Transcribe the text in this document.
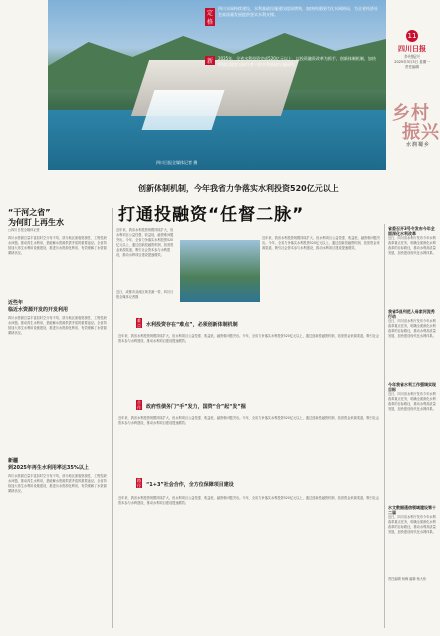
四川水网持续建设，水利基础设施建设提质增效，加快构建现代化水网格局，为全省经济社会高质量发展提供坚实水利支撑。
定格
新	2025年，全省水利投资完成520亿元以上，以投资融资改革为抓手，创新体制机制，加快构建以国家水网为骨干的水利基础设施网络。
四川日报全媒体记者 摄
11
四川日报
乡村振兴
2025年3月3日 星期一
责任编辑
乡村
振兴
水润蜀乡
创新体制机制，今年我省力争落实水利投资520亿元以上
打通投融资“任督二脉”
“干河之省”
为何盯上再生水
□四川日报全媒体记者
四川水资源总量丰富但时空分布不均，部分地区面临资源性、工程性缺水问题。推动再生水利用，是破解水资源供需矛盾的重要途径。全省持续加大再生水利用设施建设，推进污水资源化利用，有效缓解了水资源紧缺状况。
近些年
临近水资源开发的开发利用
四川水资源总量丰富但时空分布不均，部分地区面临资源性、工程性缺水问题。推动再生水利用，是破解水资源供需矛盾的重要途径。全省持续加大再生水利用设施建设，推进污水资源化利用，有效缓解了水资源紧缺状况。
新疆
到2025年再生水利用率达35%以上
四川水资源总量丰富但时空分布不均，部分地区面临资源性、工程性缺水问题。推动再生水利用，是破解水资源供需矛盾的重要途径。全省持续加大再生水利用设施建设，推进污水资源化利用，有效缓解了水资源紧缺状况。
近年来，我省水利投资规模持续扩大，但水利项目公益性强、收益低，融资难问题突出。今年，全省力争落实水利投资520亿元以上，通过创新投融资机制，拓宽资金来源渠道，吸引社会资本参与水利建设，推动水利项目建设提速增效。
近日，成都市双流区黄龙溪一带，四川日报全媒体记者摄
近年来，我省水利投资规模持续扩大，但水利项目公益性强、收益低，融资难问题突出。今年，全省力争落实水利投资520亿元以上，通过创新投融资机制，拓宽资金来源渠道，吸引社会资本参与水利建设，推动水利项目建设提速增效。
难点 水利投资存在“难点”，必须创新体制机制
近年来，我省水利投资规模持续扩大，但水利项目公益性强、收益低，融资难问题突出。今年，全省力争落实水利投资520亿元以上，通过创新投融资机制，拓宽资金来源渠道，吸引社会资本参与水利建设，推动水利项目建设提速增效。
合作 政府性债务门“手”发力，国资“合”起“发”掘
近年来，我省水利投资规模持续扩大，但水利项目公益性强、收益低，融资难问题突出。今年，全省力争落实水利投资520亿元以上，通过创新投融资机制，拓宽资金来源渠道，吸引社会资本参与水利建设，推动水利项目建设提速增效。
路径 “1+3”社会合作，全方位保障项目建设
近年来，我省水利投资规模持续扩大，但水利项目公益性强、收益低，融资难问题突出。今年，全省力争落实水利投资520亿元以上，通过创新投融资机制，拓宽资金来源渠道，吸引社会资本参与水利建设，推动水利项目建设提速增效。
省委召开3号令发布今年全面深化水利改革
近日，四川省水利厅发布今年水利改革重点任务，明确全面深化水利改革的目标路径，推动水利高质量发展，加快建设现代化水网体系。
我省5县列范入母家河流秀行动
近日，四川省水利厅发布今年水利改革重点任务，明确全面深化水利改革的目标路径，推动水利高质量发展，加快建设现代化水网体系。
今年我省水利工作强调实现目标
近日，四川省水利厅发布今年水利改革重点任务，明确全面深化水利改革的目标路径，推动水利高质量发展，加快建设现代化水网体系。
水文数据通信领域建设第十二届
近日，四川省水利厅发布今年水利改革重点任务，明确全面深化水利改革的目标路径，推动水利高质量发展，加快建设现代化水网体系。
责任编辑 杨梅 编辑 杨大伟
